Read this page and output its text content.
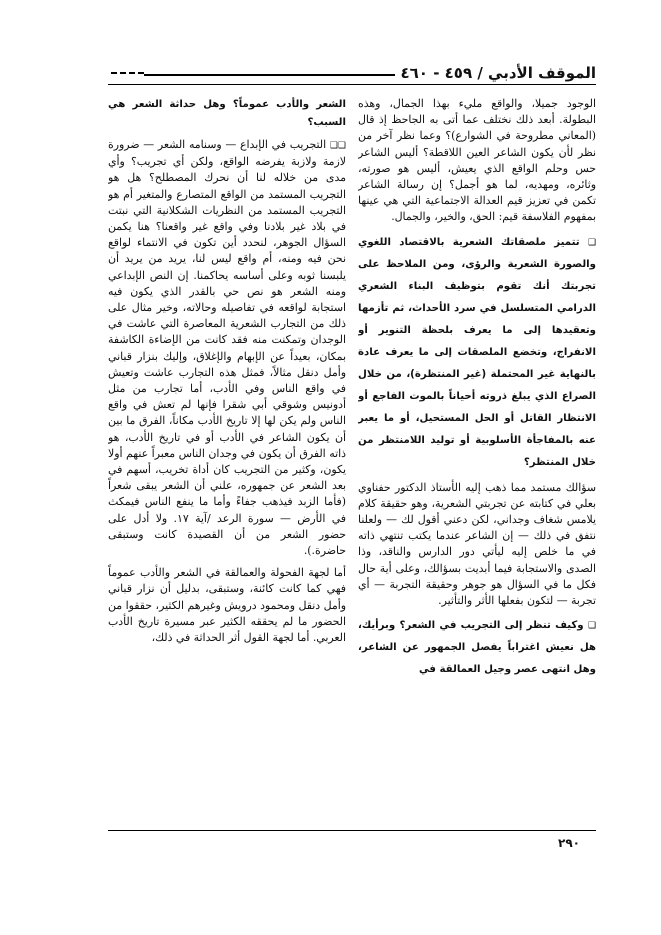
الموقف الأدبي / ٤٥٩ - ٤٦٠

الوجود جميلا، والواقع مليء بهذا الجمال، وهذه البطولة. أبعد ذلك نختلف عما أتى به الجاحظ إذ قال (المعاني مطروحة في الشوارع)؟ وعما نظر آخر من نظر لأن يكون الشاعر العين اللاقطة؟ أليس الشاعر حس وحلم الواقع الذي يعيش، أليس هو صورته، وثائره، ومهديه، لما هو أجمل؟ إن رسالة الشاعر تكمن في تعزيز قيم العدالة الاجتماعية التي هي عينها بمفهوم الفلاسفة قيم: الحق، والخير، والجمال.

❑ تتميز ملصقاتك الشعرية بالاقتصاد اللغوي والصورة الشعرية والرؤى، ومن الملاحظ على تجربتك أنك تقوم بتوظيف البناء الشعري الدرامي المتسلسل في سرد الأحداث، ثم تأزمها وتعقيدها إلى ما يعرف بلحظة التنوير أو الانفراج، وتخضع الملصقات إلى ما يعرف عادة بالنهاية غير المحتملة (غير المنتظرة)، من خلال الصراع الذي يبلغ ذروته أحياناً بالموت الفاجع أو الانتظار القاتل أو الحل المستحيل، أو ما يعبر عنه بالمفاجأة الأسلوبية أو توليد اللامنتظر من خلال المنتظر؟

سؤالك مستمد مما ذهب إليه الأستاذ الدكتور حفناوي بعلي في كتابته عن تجربتي الشعرية، وهو حقيقة كلام يلامس شغاف وجداني، لكن دعني أقول لك — ولعلنا نتفق في ذلك — إن الشاعر عندما يكتب تنتهي ذاته في ما خلص إليه ليأتي دور الدارس والناقد، وذا الصدى والاستجابة فيما أبديت بسؤالك، وعلى أية حال فكل ما في السؤال هو جوهر وحقيقة التجربة — أي تجربة — لتكون بفعلها الأثر والتأثير.

❑ وكيف تنظر إلى التجريب في الشعر؟ وبرأيك، هل نعيش اغتراباً يفصل الجمهور عن الشاعر، وهل انتهى عصر وجيل العمالقة في

الشعر والأدب عموماً؟ وهل حداثة الشعر هي السبب؟

❑❑ التجريب في الإبداع — وسنامه الشعر — ضرورة لازمة ولازبة يفرضه الواقع، ولكن أي تجريب؟ وأي مدى من خلاله لنا أن نحرك المصطلح؟ هل هو التجريب المستمد من الواقع المتصارع والمتغير أم هو التجريب المستمد من النظريات الشكلانية التي نبتت في بلاد غير بلادنا وفي واقع غير واقعنا؟ هنا يكمن السؤال الجوهر، لنحدد أين تكون في الانتماء لواقع نحن فيه ومنه، أم واقع ليس لنا، يريد من يريد أن يلبسنا ثوبه وعلى أساسه يحاكمنا. إن النص الإبداعي ومنه الشعر هو نص حي بالقدر الذي يكون فيه استجابة لواقعه في تفاصيله وحالاته، وخير مثال على ذلك من التجارب الشعرية المعاصرة التي عاشت في الوجدان وتمكنت منه فقد كانت من الإضاءة الكاشفة بمكان، بعيداً عن الإبهام والإغلاق، وإليك بنزار قباني وأمل دنقل مثالاً، فمثل هذه التجارب عاشت وتعيش في واقع الناس وفي الأدب، أما تجارب من مثل أدونيس وشوقي أبي شقرا فإنها لم تعش في واقع الناس ولم يكن لها إلا تاريخ الأدب مكاناً، الفرق ما بين أن يكون الشاعر في الأدب أو في تاريخ الأدب، هو ذاته الفرق أن يكون في وجدان الناس معبراً عنهم أولا يكون، وكثير من التجريب كان أداة تخريب، أسهم في بعد الشعر عن جمهوره، علني أن الشعر يبقى شعراً (فأما الزبد فيذهب جفاءً وأما ما ينفع الناس فيمكث في الأرض — سورة الرعد /آية ١٧. ولا أدل على حضور الشعر من أن القصيدة كانت وستبقى حاضرة.).

أما لجهة الفحولة والعمالقة في الشعر والأدب عموماً فهي كما كانت كائنة، وستبقى، بدليل أن نزار قباني وأمل دنقل ومحمود درويش وغيرهم الكثير، حققوا من الحضور ما لم يحققه الكثير عبر مسيرة تاريخ الأدب العربي. أما لجهة القول أثر الحداثة في ذلك،

٢٩٠
